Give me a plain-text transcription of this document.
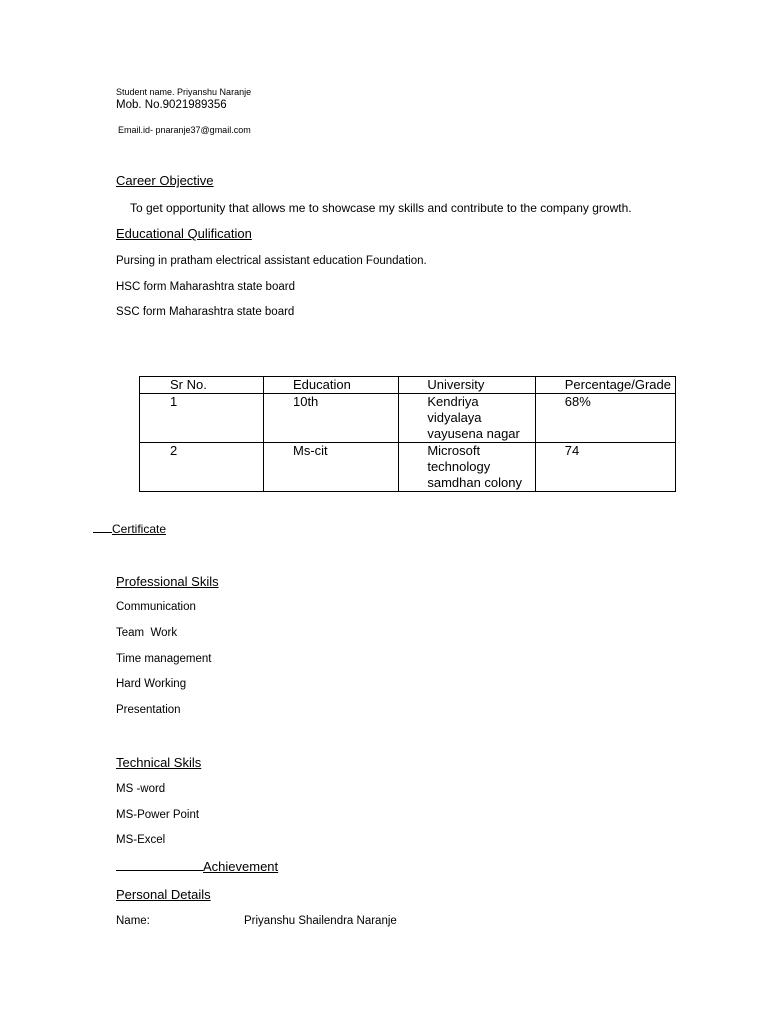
Student name. Priyanshu Naranje
Mob. No.9021989356
Email.id- pnaranje37@gmail.com
Career Objective
To get opportunity that allows me to showcase my skills and contribute to the company growth.
Educational Qulification
Pursing in pratham electrical assistant education Foundation.
HSC form Maharashtra state board
SSC form Maharashtra state board
Sr No.	Education	University	Percentage/Grade
1	10th	Kendriya
vidyalaya
vayusena nagar	68%
2	Ms-cit	Microsoft
technology
samdhan colony	74
Certificate
Professional Skils
Communication
Team  Work
Time management
Hard Working
Presentation
Technical Skils
MS -word
MS-Power Point
MS-Excel
Achievement
Personal Details
Name:	Priyanshu Shailendra Naranje
